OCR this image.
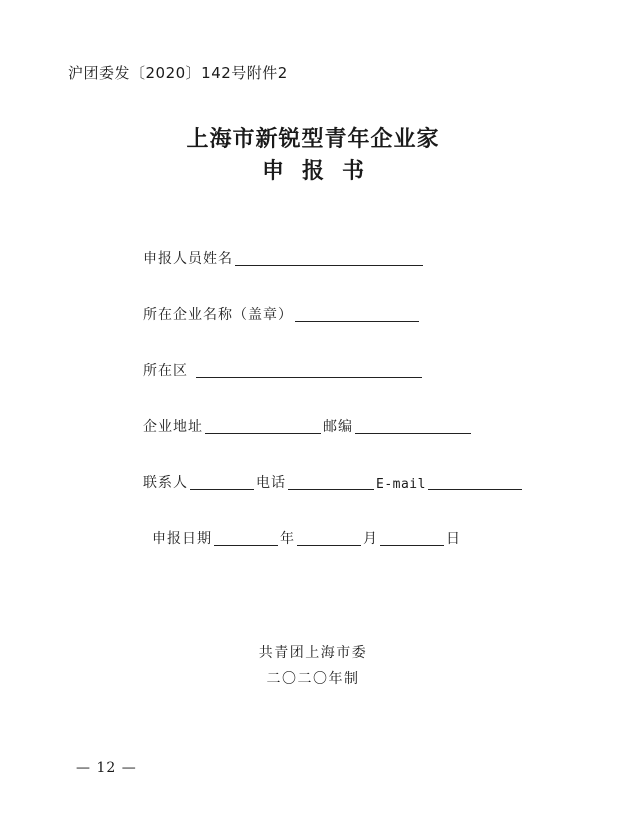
沪团委发〔2020〕142号附件2
上海市新锐型青年企业家
申报书
申报人员姓名
所在企业名称（盖章）
所在区
企业地址	邮编
联系人	电话	E-mail
申报日期	年	月	日
共青团上海市委
二〇二〇年制
— 12 —
